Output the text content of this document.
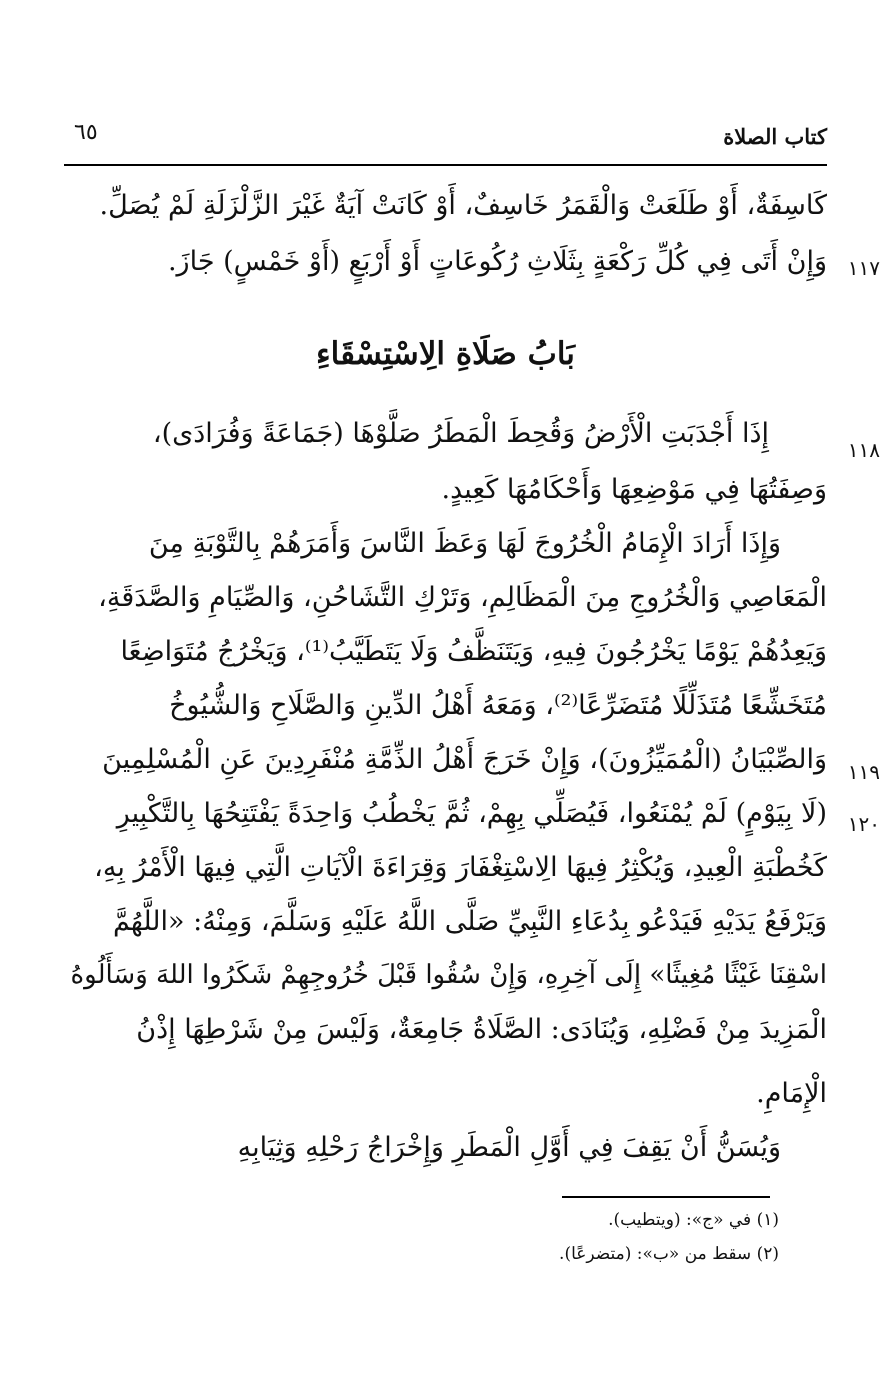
كتاب الصلاة
٦٥
كَاسِفَةٌ، أَوْ طَلَعَتْ وَالْقَمَرُ خَاسِفٌ، أَوْ كَانَتْ آيَةٌ غَيْرَ الزَّلْزَلَةِ لَمْ يُصَلِّ.
وَإِنْ أَتَى فِي كُلِّ رَكْعَةٍ بِثَلَاثِ رُكُوعَاتٍ أَوْ أَرْبَعٍ (أَوْ خَمْسٍ) جَازَ.	١١٧
بَابُ صَلَاةِ الِاسْتِسْقَاءِ
١١٨
إِذَا أَجْدَبَتِ الْأَرْضُ وَقُحِطَ الْمَطَرُ صَلَّوْهَا (جَمَاعَةً وَفُرَادَى)،
وَصِفَتُهَا فِي مَوْضِعِهَا وَأَحْكَامُهَا كَعِيدٍ.
وَإِذَا أَرَادَ الْإِمَامُ الْخُرُوجَ لَهَا وَعَظَ النَّاسَ وَأَمَرَهُمْ بِالتَّوْبَةِ مِنَ
الْمَعَاصِي وَالْخُرُوجِ مِنَ الْمَظَالِمِ، وَتَرْكِ التَّشَاحُنِ، وَالصِّيَامِ وَالصَّدَقَةِ،
وَيَعِدُهُمْ يَوْمًا يَخْرُجُونَ فِيهِ، وَيَتَنَظَّفُ وَلَا يَتَطَيَّبُ⁽¹⁾، وَيَخْرُجُ مُتَوَاضِعًا
مُتَخَشِّعًا مُتَذَلِّلًا مُتَضَرِّعًا⁽²⁾، وَمَعَهُ أَهْلُ الدِّينِ وَالصَّلَاحِ وَالشُّيُوخُ
١١٩
وَالصِّبْيَانُ (الْمُمَيِّزُونَ)، وَإِنْ خَرَجَ أَهْلُ الذِّمَّةِ مُنْفَرِدِينَ عَنِ الْمُسْلِمِينَ
١٢٠
(لَا بِيَوْمٍ) لَمْ يُمْنَعُوا، فَيُصَلِّي بِهِمْ، ثُمَّ يَخْطُبُ وَاحِدَةً يَفْتَتِحُهَا بِالتَّكْبِيرِ
كَخُطْبَةِ الْعِيدِ، وَيُكْثِرُ فِيهَا الِاسْتِغْفَارَ وَقِرَاءَةَ الْآيَاتِ الَّتِي فِيهَا الْأَمْرُ بِهِ،
وَيَرْفَعُ يَدَيْهِ فَيَدْعُو بِدُعَاءِ النَّبِيِّ صَلَّى اللَّهُ عَلَيْهِ وَسَلَّمَ، وَمِنْهُ: «اللَّهُمَّ
اسْقِنَا غَيْثًا مُغِيثًا» إِلَى آخِرِهِ، وَإِنْ سُقُوا قَبْلَ خُرُوجِهِمْ شَكَرُوا اللهَ وَسَأَلُوهُ
الْمَزِيدَ مِنْ فَضْلِهِ، وَيُنَادَى: الصَّلَاةُ جَامِعَةٌ، وَلَيْسَ مِنْ شَرْطِهَا إِذْنُ
الْإِمَامِ.
وَيُسَنُّ أَنْ يَقِفَ فِي أَوَّلِ الْمَطَرِ وَإِخْرَاجُ رَحْلِهِ وَثِيَابِهِ
(١) في «ج»: (ويتطيب).
(٢) سقط من «ب»: (متضرعًا).
